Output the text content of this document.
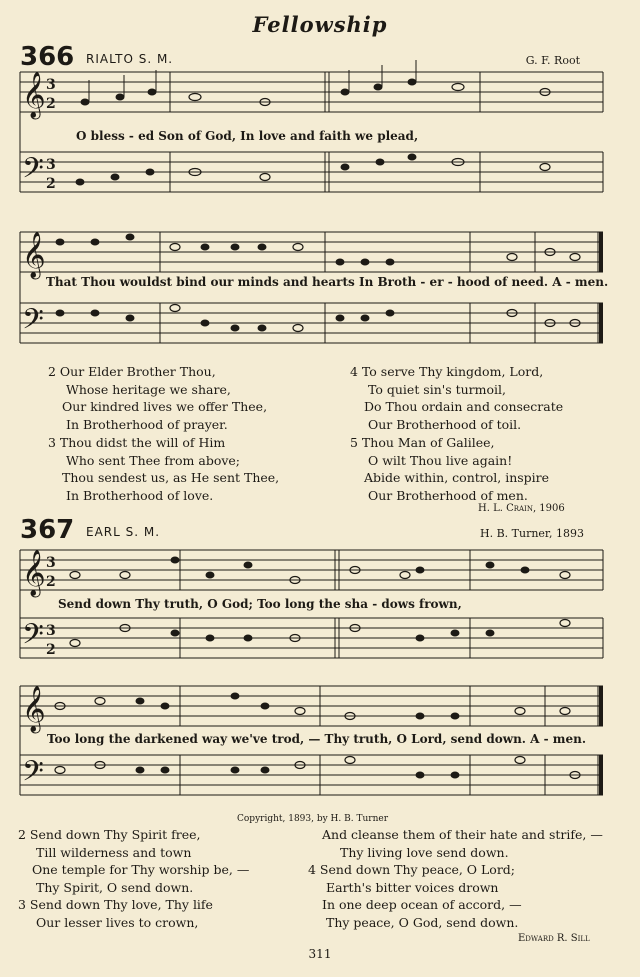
Fellowship
366 RIALTO S. M.	G. F. Root
𝄞
𝄢
𝄞
𝄢
𝄞
𝄢
𝄞
𝄢
3
2
3
2
3
2
3
2
O bless - ed Son of God, In love and faith we plead,
That Thou wouldst bind our minds and hearts In Broth - er - hood of need. A - men.
2 Our Elder Brother Thou,
Whose heritage we share,
Our kindred lives we offer Thee,
In Brotherhood of prayer.
3 Thou didst the will of Him
Who sent Thee from above;
Thou sendest us, as He sent Thee,
In Brotherhood of love.
4 To serve Thy kingdom, Lord,
To quiet sin's turmoil,
Do Thou ordain and consecrate
Our Brotherhood of toil.
5 Thou Man of Galilee,
O wilt Thou live again!
Abide within, control, inspire
Our Brotherhood of men.
H. L. Crain, 1906
367 EARL S. M.	H. B. Turner, 1893
Send down Thy truth, O God; Too long the sha - dows frown,
Too long the darkened way we've trod, — Thy truth, O Lord, send down. A - men.
Copyright, 1893, by H. B. Turner
2 Send down Thy Spirit free,
Till wilderness and town
One temple for Thy worship be, —
Thy Spirit, O send down.
3 Send down Thy love, Thy life
Our lesser lives to crown,
And cleanse them of their hate and strife, —
Thy living love send down.
4 Send down Thy peace, O Lord;
Earth's bitter voices drown
In one deep ocean of accord, —
Thy peace, O God, send down.
Edward R. Sill
311
